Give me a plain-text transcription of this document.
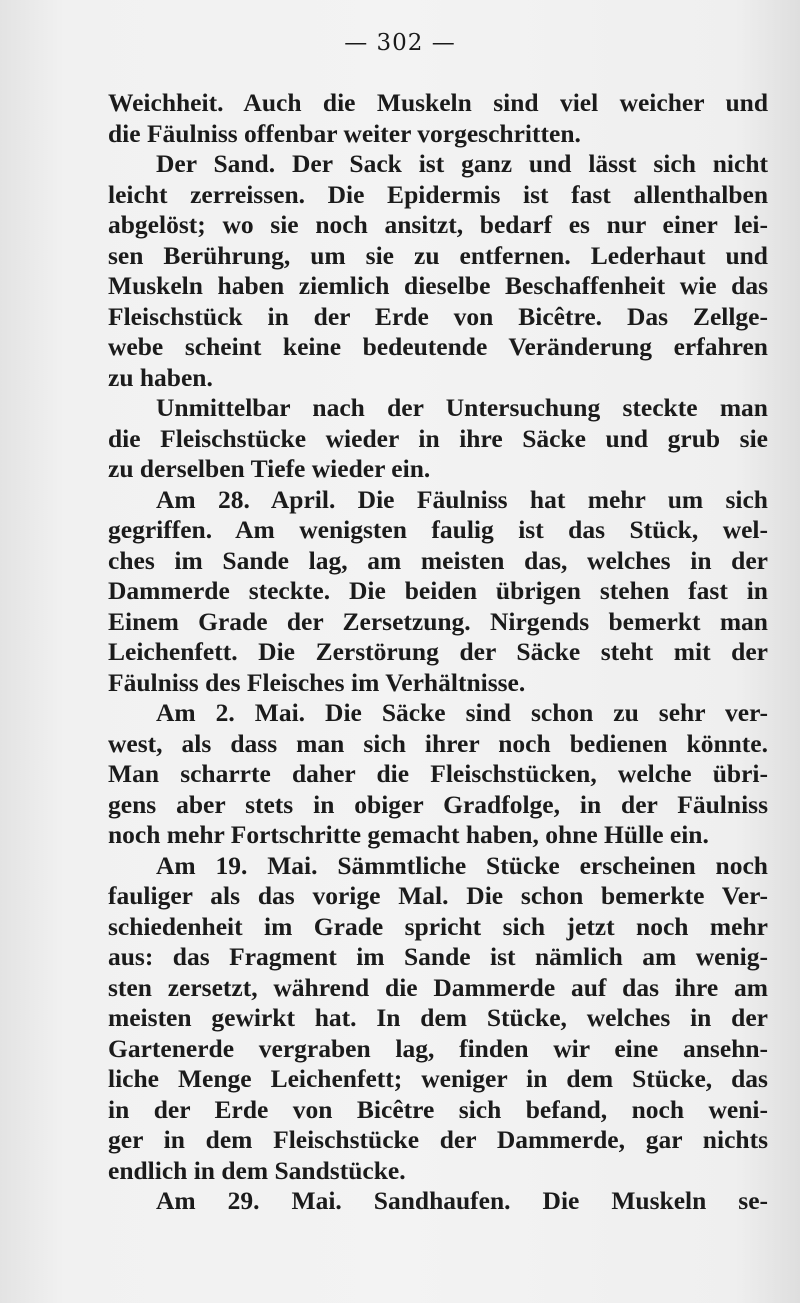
— 302 —
Weichheit. Auch die Muskeln sind viel weicher und
die Fäulniss offenbar weiter vorgeschritten.
Der Sand. Der Sack ist ganz und lässt sich nicht
leicht zerreissen. Die Epidermis ist fast allenthalben
abgelöst; wo sie noch ansitzt, bedarf es nur einer lei-
sen Berührung, um sie zu entfernen. Lederhaut und
Muskeln haben ziemlich dieselbe Beschaffenheit wie das
Fleischstück in der Erde von Bicêtre. Das Zellge-
webe scheint keine bedeutende Veränderung erfahren
zu haben.
Unmittelbar nach der Untersuchung steckte man
die Fleischstücke wieder in ihre Säcke und grub sie
zu derselben Tiefe wieder ein.
Am 28. April. Die Fäulniss hat mehr um sich
gegriffen. Am wenigsten faulig ist das Stück, wel-
ches im Sande lag, am meisten das, welches in der
Dammerde steckte. Die beiden übrigen stehen fast in
Einem Grade der Zersetzung. Nirgends bemerkt man
Leichenfett. Die Zerstörung der Säcke steht mit der
Fäulniss des Fleisches im Verhältnisse.
Am 2. Mai. Die Säcke sind schon zu sehr ver-
west, als dass man sich ihrer noch bedienen könnte.
Man scharrte daher die Fleischstücken, welche übri-
gens aber stets in obiger Gradfolge, in der Fäulniss
noch mehr Fortschritte gemacht haben, ohne Hülle ein.
Am 19. Mai. Sämmtliche Stücke erscheinen noch
fauliger als das vorige Mal. Die schon bemerkte Ver-
schiedenheit im Grade spricht sich jetzt noch mehr
aus: das Fragment im Sande ist nämlich am wenig-
sten zersetzt, während die Dammerde auf das ihre am
meisten gewirkt hat. In dem Stücke, welches in der
Gartenerde vergraben lag, finden wir eine ansehn-
liche Menge Leichenfett; weniger in dem Stücke, das
in der Erde von Bicêtre sich befand, noch weni-
ger in dem Fleischstücke der Dammerde, gar nichts
endlich in dem Sandstücke.
Am 29. Mai. Sandhaufen. Die Muskeln se-
